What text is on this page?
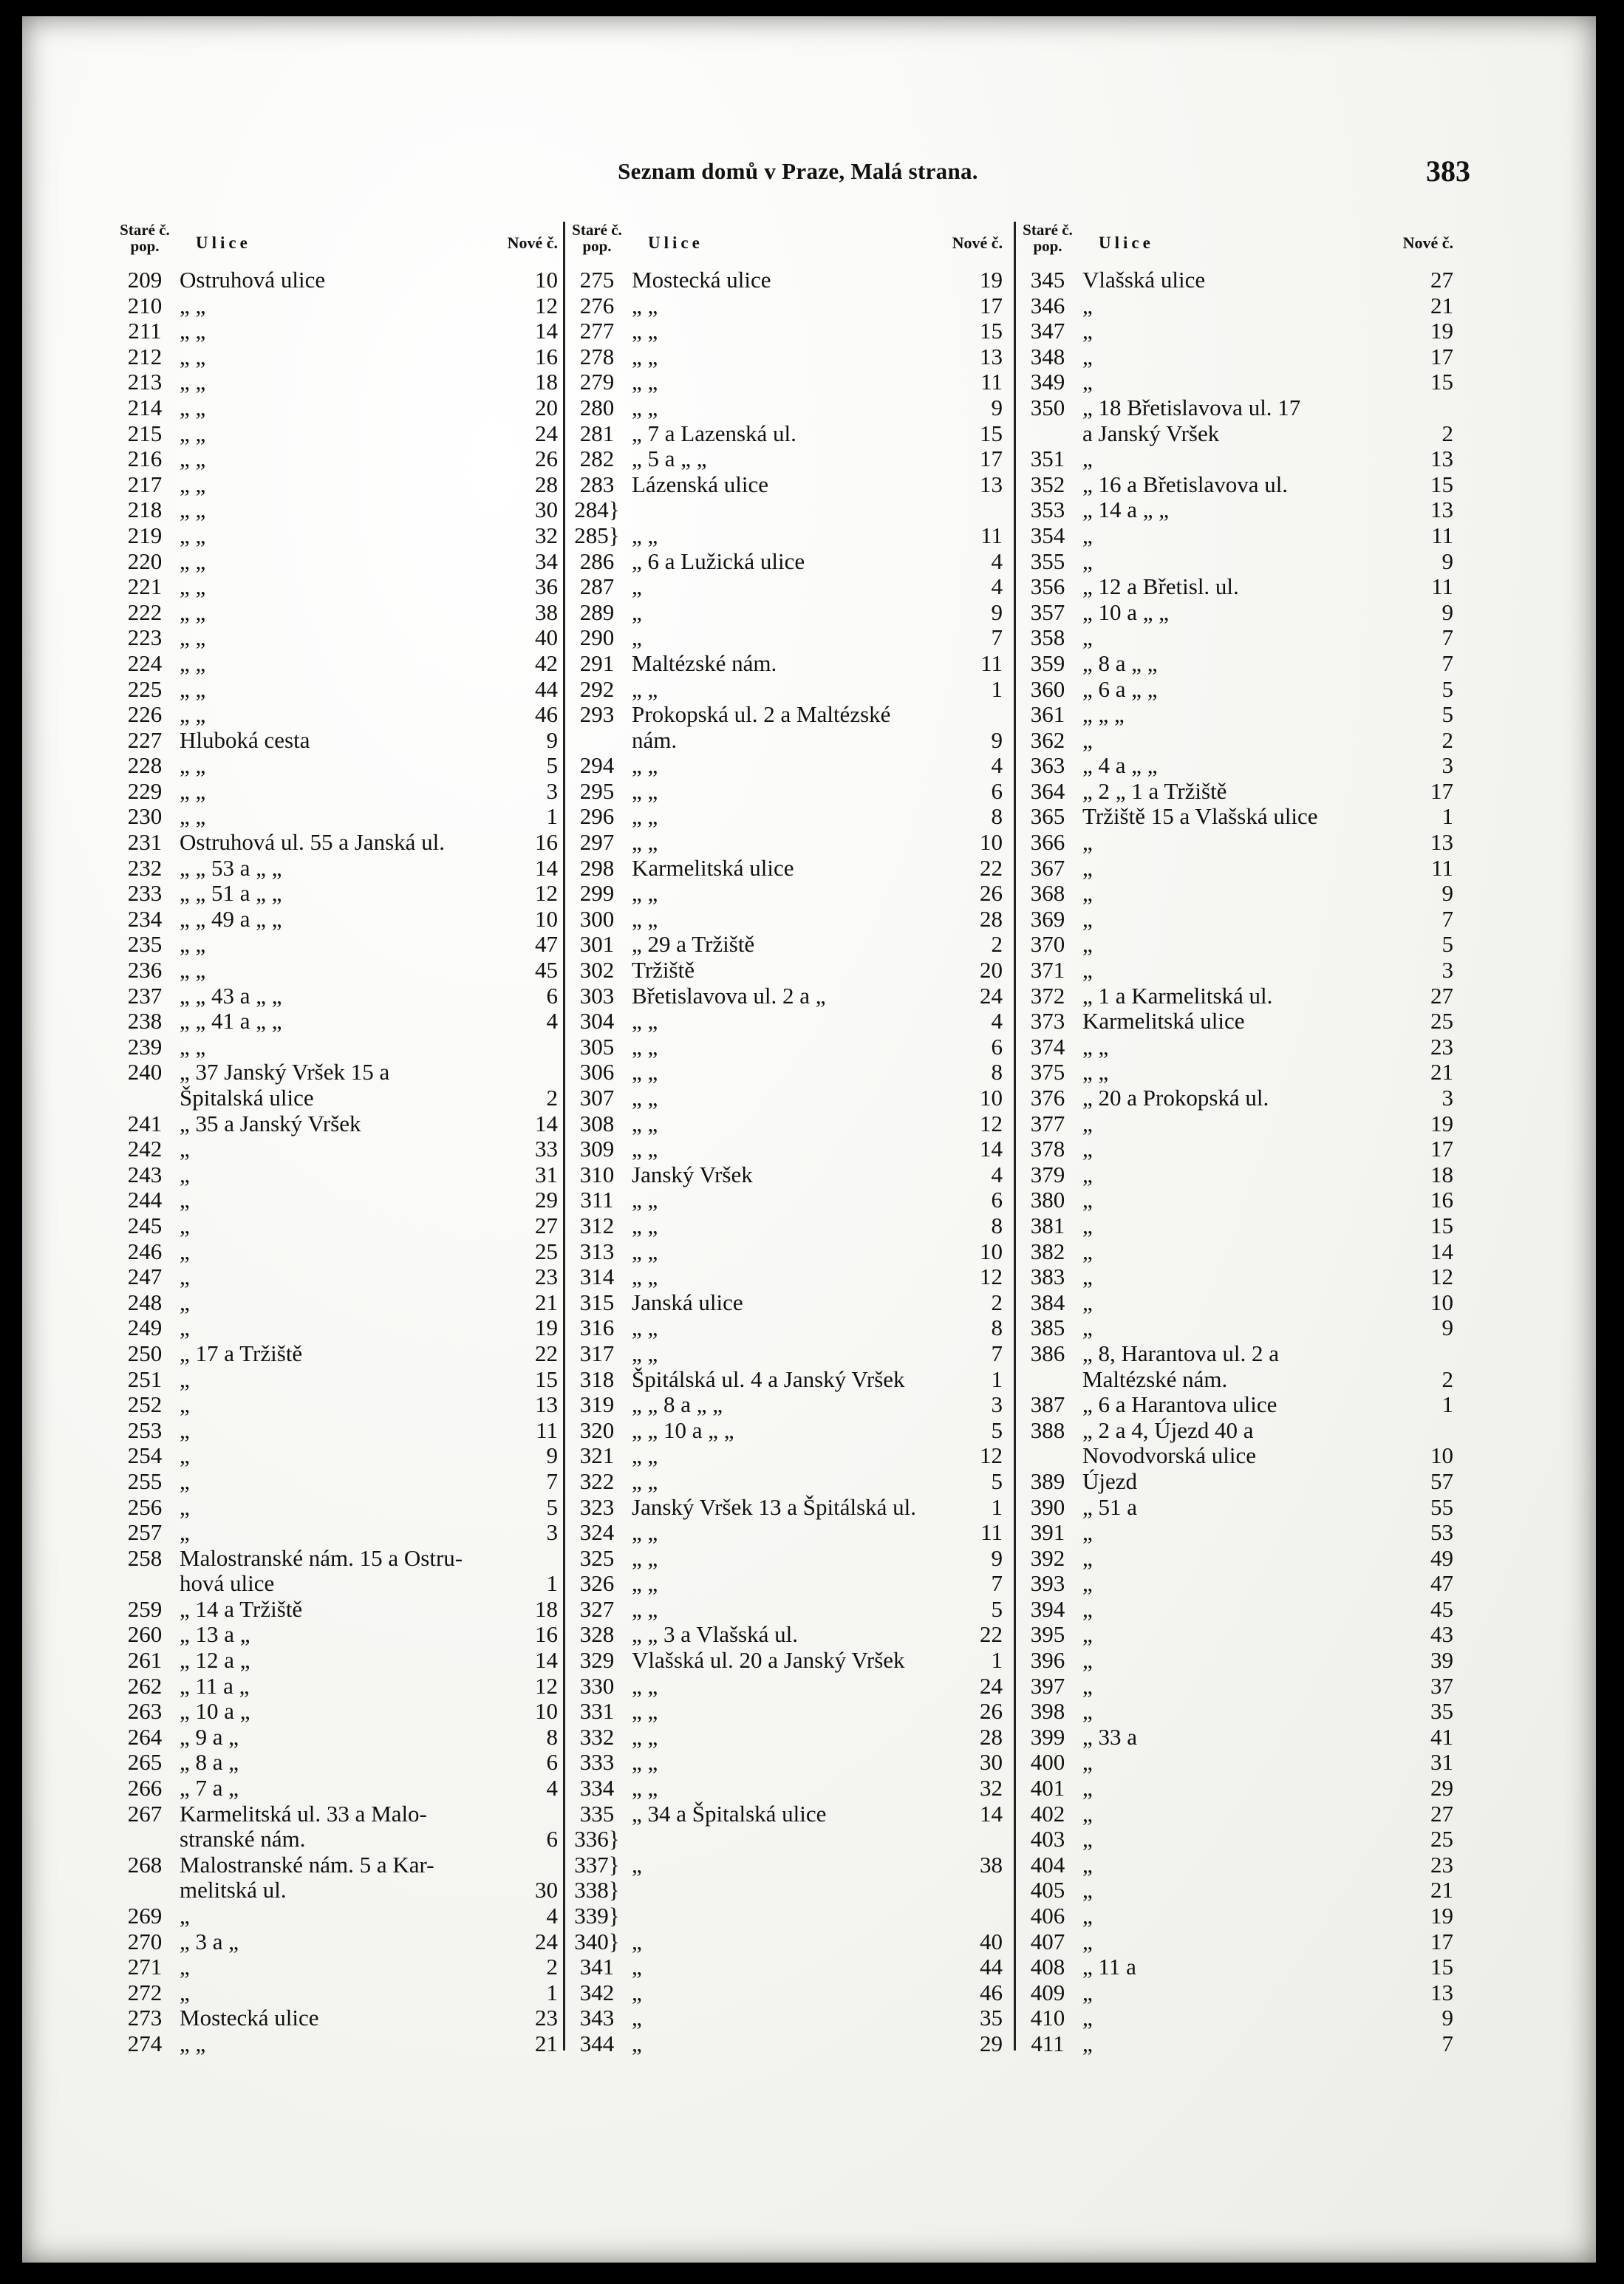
Seznam domů v Praze, Malá strana.	383
Staré č. pop.	Ulice	Nové č.
209 Ostruhová ulice	10
210 „ „	12
211 „ „	14
212 „ „	16
213 „ „	18
214 „ „	20
215 „ „	24
216 „ „	26
217 „ „	28
218 „ „	30
219 „ „	32
220 „ „	34
221 „ „	36
222 „ „	38
223 „ „	40
224 „ „	42
225 „ „	44
226 „ „	46
227 Hluboká cesta	9
228 „ „	5
229 „ „	3
230 „ „	1
231 Ostruhová ul. 55 a Janská ul.	16
232 „ „ 53 a „ „	14
233 „ „ 51 a „ „	12
234 „ „ 49 a „ „	10
235 „ „	47
236 „ „	45
237 „ „ 43 a „ „	6
238 „ „ 41 a „ „	4
239 „ „
240 „ 37 Janský Vršek 15 a
Špitalská ulice	2
241 „ 35 a Janský Vršek	14
242 „	33
243 „	31
244 „	29
245 „	27
246 „	25
247 „	23
248 „	21
249 „	19
250 „ 17 a Tržiště	22
251 „	15
252 „	13
253 „	11
254 „	9
255 „	7
256 „	5
257 „	3
258 Malostranské nám. 15 a Ostru-
hová ulice	1
259 „ 14 a Tržiště	18
260 „ 13 a „	16
261 „ 12 a „	14
262 „ 11 a „	12
263 „ 10 a „	10
264 „ 9 a „	8
265 „ 8 a „	6
266 „ 7 a „	4
267 Karmelitská ul. 33 a Malo-
stranské nám.	6
268 Malostranské nám. 5 a Kar-
melitská ul.	30
269 „	4
270 „ 3 a „	24
271 „	2
272 „	1
273 Mostecká ulice	23
274 „ „	21
Staré č. pop.	Ulice	Nové č.
275 Mostecká ulice	19
276 „ „	17
277 „ „	15
278 „ „	13
279 „ „	11
280 „ „	9
281 „ 7 a Lazenská ul.	15
282 „ 5 a „ „	17
283 Lázenská ulice	13
284}
285} „ „	11
286 „ 6 a Lužická ulice	4
287 „	4
289 „	9
290 „	7
291 Maltézské nám.	11
292 „ „	1
293 Prokopská ul. 2 a Maltézské
nám.	9
294 „ „	4
295 „ „	6
296 „ „	8
297 „ „	10
298 Karmelitská ulice	22
299 „ „	26
300 „ „	28
301 „ 29 a Tržiště	2
302 Tržiště	20
303 Břetislavova ul. 2 a „	24
304 „ „	4
305 „ „	6
306 „ „	8
307 „ „	10
308 „ „	12
309 „ „	14
310 Janský Vršek	4
311 „ „	6
312 „ „	8
313 „ „	10
314 „ „	12
315 Janská ulice	2
316 „ „	8
317 „ „	7
318 Špitálská ul. 4 a Janský Vršek	1
319 „ „ 8 a „ „	3
320 „ „ 10 a „ „	5
321 „ „	12
322 „ „	5
323 Janský Vršek 13 a Špitálská ul.	1
324 „ „	11
325 „ „	9
326 „ „	7
327 „ „	5
328 „ „ 3 a Vlašská ul.	22
329 Vlašská ul. 20 a Janský Vršek	1
330 „ „	24
331 „ „	26
332 „ „	28
333 „ „	30
334 „ „	32
335 „ 34 a Špitalská ulice	14
336}
337} „	38
338}
339}
340} „	40
341 „	44
342 „	46
343 „	35
344 „	29
Staré č. pop.	Ulice	Nové č.
345 Vlašská ulice	27
346 „	21
347 „	19
348 „	17
349 „	15
350 „ 18 Břetislavova ul. 17
a Janský Vršek	2
351 „	13
352 „ 16 a Břetislavova ul.	15
353 „ 14 a „ „	13
354 „	11
355 „	9
356 „ 12 a Břetisl. ul.	11
357 „ 10 a „ „	9
358 „	7
359 „ 8 a „ „	7
360 „ 6 a „ „	5
361 „ „ „	5
362 „	2
363 „ 4 a „ „	3
364 „ 2 „ 1 a Tržiště	17
365 Tržiště 15 a Vlašská ulice	1
366 „	13
367 „	11
368 „	9
369 „	7
370 „	5
371 „	3
372 „ 1 a Karmelitská ul.	27
373 Karmelitská ulice	25
374 „ „	23
375 „ „	21
376 „ 20 a Prokopská ul.	3
377 „	19
378 „	17
379 „	18
380 „	16
381 „	15
382 „	14
383 „	12
384 „	10
385 „	9
386 „ 8, Harantova ul. 2 a
Maltézské nám.	2
387 „ 6 a Harantova ulice	1
388 „ 2 a 4, Újezd 40 a
Novodvorská ulice	10
389 Újezd	57
390 „ 51 a	55
391 „	53
392 „	49
393 „	47
394 „	45
395 „	43
396 „	39
397 „	37
398 „	35
399 „ 33 a	41
400 „	31
401 „	29
402 „	27
403 „	25
404 „	23
405 „	21
406 „	19
407 „	17
408 „ 11 a	15
409 „	13
410 „	9
411 „	7
